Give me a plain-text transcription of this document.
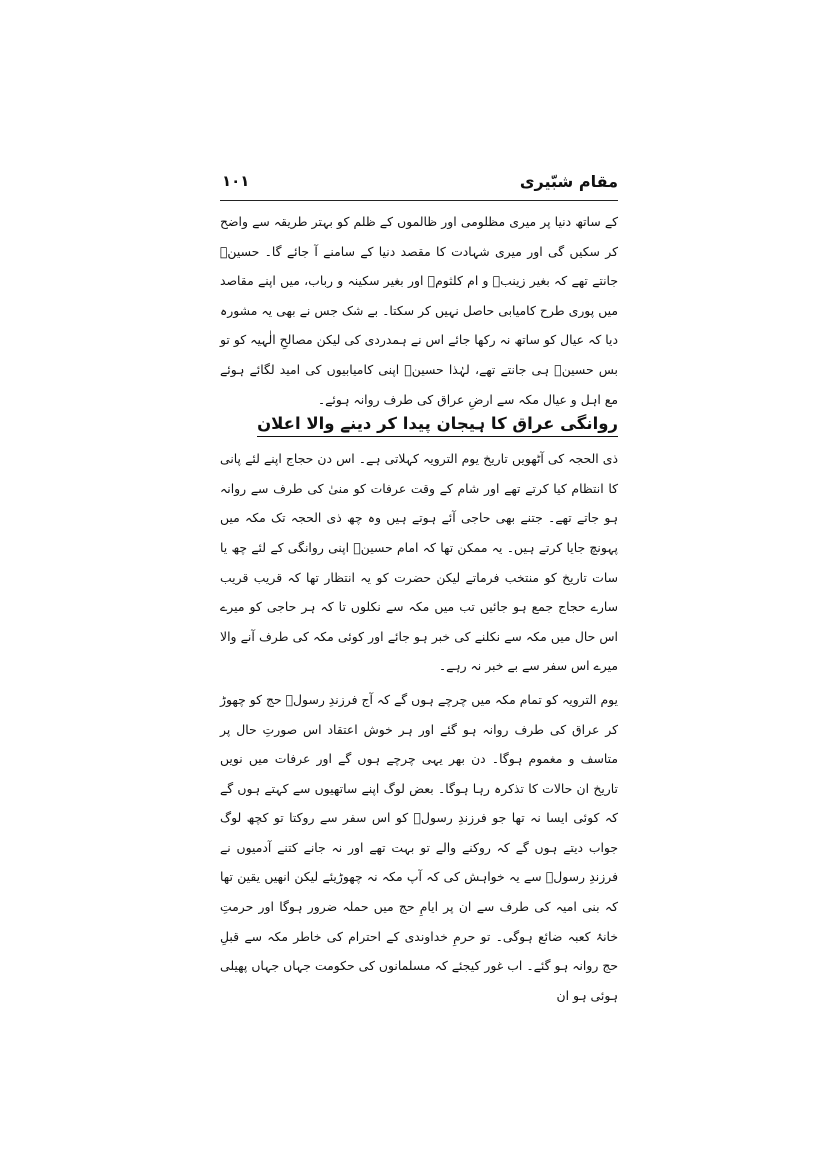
مقام شبّیری
۱۰۱

کے ساتھ دنیا پر میری مظلومی اور ظالموں کے ظلم کو بہتر طریقہ سے واضح کر سکیں گی اور میری شہادت کا مقصد دنیا کے سامنے آ جائے گا۔ حسینؑ جانتے تھے کہ بغیر زینبؑ و ام کلثومؑ اور بغیر سکینہ و رباب، میں اپنے مقاصد میں پوری طرح کامیابی حاصل نہیں کر سکتا۔ بے شک جس نے بھی یہ مشورہ دیا کہ عیال کو ساتھ نہ رکھا جائے اس نے ہمدردی کی لیکن مصالحِ الٰہیہ کو تو بس حسینؑ ہی جانتے تھے، لہٰذا حسینؑ اپنی کامیابیوں کی امید لگائے ہوئے مع اہل و عیال مکہ سے ارضِ عراق کی طرف روانہ ہوئے۔

روانگی عراق کا ہیجان پیدا کر دینے والا اعلان

ذی الحجہ کی آٹھویں تاریخ یوم الترویہ کہلاتی ہے۔ اس دن حجاج اپنے لئے پانی کا انتظام کیا کرتے تھے اور شام کے وقت عرفات کو منیٰ کی طرف سے روانہ ہو جاتے تھے۔ جتنے بھی حاجی آئے ہوتے ہیں وہ چھ ذی الحجہ تک مکہ میں پہونچ جایا کرتے ہیں۔ یہ ممکن تھا کہ امام حسینؑ اپنی روانگی کے لئے چھ یا سات تاریخ کو منتخب فرماتے لیکن حضرت کو یہ انتظار تھا کہ قریب قریب سارے حجاج جمع ہو جائیں تب میں مکہ سے نکلوں تا کہ ہر حاجی کو میرے اس حال میں مکہ سے نکلنے کی خبر ہو جائے اور کوئی مکہ کی طرف آنے والا میرے اس سفر سے بے خبر نہ رہے۔

یوم الترویہ کو تمام مکہ میں چرچے ہوں گے کہ آج فرزندِ رسولؐ حج کو چھوڑ کر عراق کی طرف روانہ ہو گئے اور ہر خوش اعتقاد اس صورتِ حال پر متاسف و مغموم ہوگا۔ دن بھر یہی چرچے ہوں گے اور عرفات میں نویں تاریخ ان حالات کا تذکرہ رہا ہوگا۔ بعض لوگ اپنے ساتھیوں سے کہتے ہوں گے کہ کوئی ایسا نہ تھا جو فرزندِ رسولؐ کو اس سفر سے روکتا تو کچھ لوگ جواب دیتے ہوں گے کہ روکنے والے تو بہت تھے اور نہ جانے کتنے آدمیوں نے فرزندِ رسولؐ سے یہ خواہش کی کہ آپ مکہ نہ چھوڑیئے لیکن انھیں یقین تھا کہ بنی امیہ کی طرف سے ان پر ایامِ حج میں حملہ ضرور ہوگا اور حرمتِ خانۂ کعبہ ضائع ہوگی۔ تو حرمِ خداوندی کے احترام کی خاطر مکہ سے قبلِ حج روانہ ہو گئے۔ اب غور کیجئے کہ مسلمانوں کی حکومت جہاں جہاں پھیلی ہوئی ہو ان
